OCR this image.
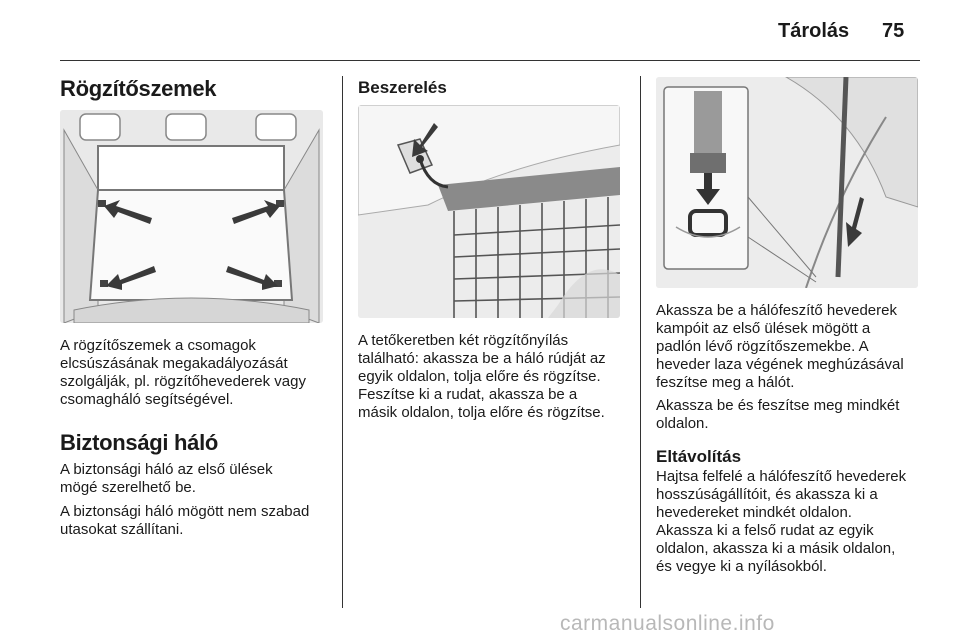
Tárolás 75
Rögzítőszemek

A rögzítőszemek a csomagok
elcsúszásának megakadályozását
szolgálják, pl. rögzítőhevederek vagy
csomagháló segítségével.

Biztonsági háló

A biztonsági háló az első ülések
mögé szerelhető be.

A biztonsági háló mögött nem szabad
utasokat szállítani.

Beszerelés

A tetőkeretben két rögzítőnyílás
található: akassza be a háló rúdját az
egyik oldalon, tolja előre és rögzítse.
Feszítse ki a rudat, akassza be a
másik oldalon, tolja előre és rögzítse.

Akassza be a hálófeszítő hevederek
kampóit az első ülések mögött a
padlón lévő rögzítőszemekbe. A
heveder laza végének meghúzásával
feszítse meg a hálót.

Akassza be és feszítse meg mindkét
oldalon.

Eltávolítás

Hajtsa felfelé a hálófeszítő hevederek
hosszúságállítóit, és akassza ki a
hevedereket mindkét oldalon.
Akassza ki a felső rudat az egyik
oldalon, akassza ki a másik oldalon,
és vegye ki a nyílásokból.

carmanualsonline.info
